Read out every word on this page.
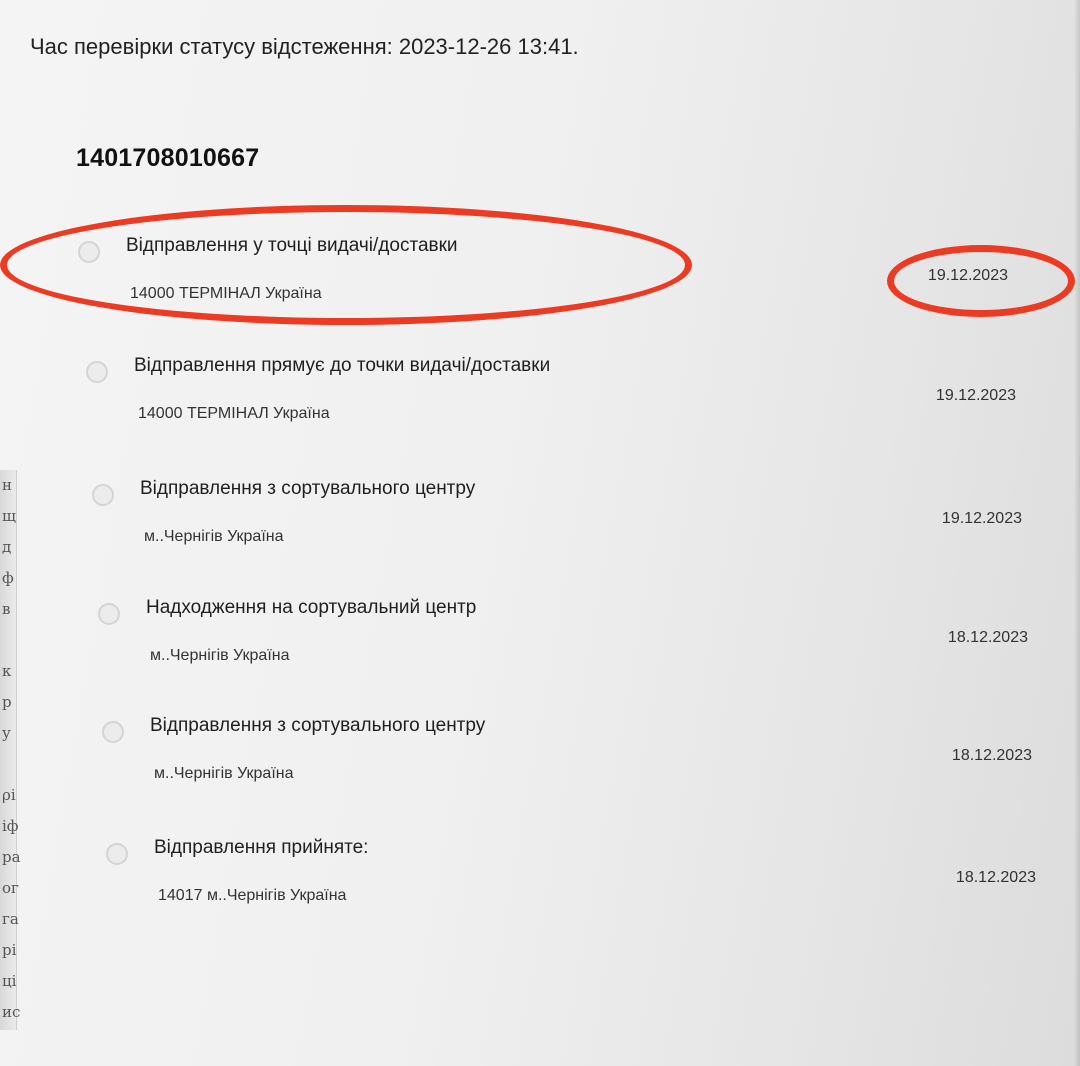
н
щ
д
ф
в

к
р
у

ρі
іф
ра
ог
га
рі
ці
ис
Час перевірки статусу відстеження: 2023-12-26 13:41.
1401708010667
Відправлення у точці видачі/доставки
14000 ТЕРМІНАЛ Україна
19.12.2023
Відправлення прямує до точки видачі/доставки
14000 ТЕРМІНАЛ Україна
19.12.2023
Відправлення з сортувального центру
м..Чернігів Україна
19.12.2023
Надходження на сортувальний центр
м..Чернігів Україна
18.12.2023
Відправлення з сортувального центру
м..Чернігів Україна
18.12.2023
Відправлення прийняте:
14017 м..Чернігів Україна
18.12.2023
